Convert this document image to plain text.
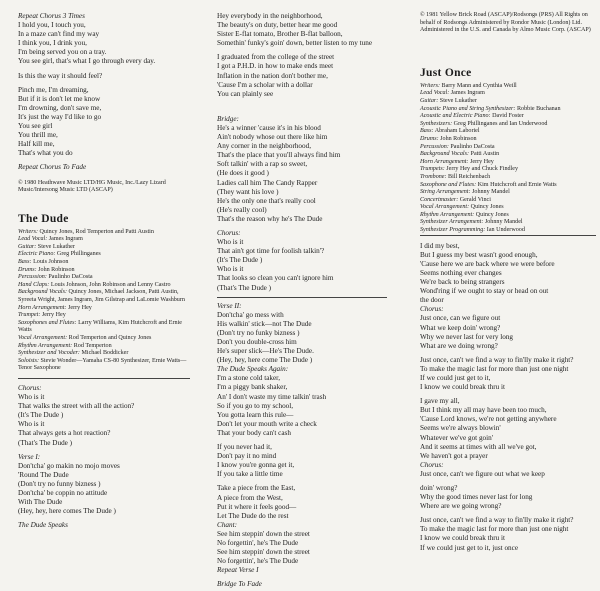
Repeat Chorus 3 Times
I hold you, I touch you,
In a maze can't find my way
I think you, I drink you,
I'm being served you on a tray.
You see girl, that's what I go through every day.

Is this the way it should feel?

Pinch me, I'm dreaming,
But if it is don't let me know
I'm drowning, don't save me,
It's just the way I'd like to go
You see girl
You thrill me,
Half kill me,
That's what you do

Repeat Chorus To Fade
© 1980 Heathwave Music LTD/HG Music, Inc./Lazy Lizard Music/Intersong Music LTD (ASCAP)
The Dude
Writers: Quincy Jones, Rod Temperton and Patti Austin
Lead Vocal: James Ingram
Guitar: Steve Lukather
Electric Piano: Greg Phillinganes
Bass: Louis Johnson
Drums: John Robinson
Percussion: Paulinho DaCosta
Hand Claps: Louis Johnson, John Robinson and Lenny Castro
Background Vocals: Quincy Jones, Michael Jackson, Patti Austin, Syreeta Wright, James Ingram, Jim Gilstrap and LaLomie Washburn
Horn Arrangement: Jerry Hey
Trumpet: Jerry Hey
Saxophones and Flutes: Larry Williams, Kim Hutchcroft and Ernie Watts
Vocal Arrangement: Rod Temperton and Quincy Jones
Rhythm Arrangement: Rod Temperton
Synthesizer and Vocoder: Michael Boddicker
Soloists: Stevie Wonder—Yamaha CS-80 Synthesizer, Ernie Watts—Tenor Saxophone
Chorus:
Who is it
That walks the street with all the action?
(It's The Dude )
Who is it
That always gets a hot reaction?
(That's The Dude )

Verse I:
Don'tcha' go makin no mojo moves
'Round The Dude
(Don't try no funny bizness )
Don'tcha' be coppin no attitude
With The Dude
(Hey, hey, here comes The Dude )

The Dude Speaks
Hey everybody in the neighborhood,
The beauty's on duty, better hear me good
Sister E-flat tomato, Brother B-flat balloon,
Somethin' funky's goin' down, better listen to my tune

I graduated from the college of the street
I got a P.H.D. in how to make ends meet
Inflation in the nation don't bother me,
'Cause I'm a scholar with a dollar
You can plainly see
Bridge:
He's a winner 'cause it's in his blood
Ain't nobody whose out there like him
Any corner in the neighborhood,
That's the place that you'll always find him
Soft talkin' with a rap so sweet,
(He does it good )
Ladies call him The Candy Rapper
(They want his love )
He's the only one that's really cool
(He's really cool)
That's the reason why he's The Dude

Chorus:
Who is it
That ain't got time for foolish talkin'?
(It's The Dude )
Who is it
That looks so clean you can't ignore him
(That's The Dude )
Verse II:
Don'tcha' go mess with
His walkin' stick—not The Dude
(Don't try no funky bizness )
Don't you double-cross him
He's super slick—He's The Dude.
(Hey, hey, here come The Dude )
The Dude Speaks Again:
I'm a stone cold taker,
I'm a piggy bank shaker,
An' I don't waste my time talkin' trash
So if you go to my school,
You gotta learn this rule—
Don't let your mouth write a check
That your body can't cash

If you never had it,
Don't pay it no mind
I know you're gonna get it,
If you take a little time

Take a piece from the East,
A piece from the West,
Put it where it feels good—
Let The Dude do the rest
Chant:
See him steppin' down the street
No forgettin', he's The Dude
See him steppin' down the street
No forgettin', he's The Dude
Repeat Verse I

Bridge To Fade
© 1981 Yellow Brick Road (ASCAP)/Rodsongs (PRS) All Rights on behalf of Rodsongs Administered by Rondor Music (London) Ltd. Administered in the U.S. and Canada by Almo Music Corp. (ASCAP)
Just Once
Writers: Barry Mann and Cynthia Weill
Lead Vocal: James Ingram
Guitar: Steve Lukather
Acoustic Piano and String Synthesizer: Robbie Buchanan
Acoustic and Electric Piano: David Foster
Synthesizers: Greg Phillinganes and Ian Underwood
Bass: Abraham Laboriel
Drums: John Robinson
Percussion: Paulinho DaCosta
Background Vocals: Patti Austin
Horn Arrangement: Jerry Hey
Trumpets: Jerry Hey and Chuck Findley
Trombone: Bill Reichenbach
Saxophone and Flutes: Kim Hutchcroft and Ernie Watts
String Arrangement: Johnny Mandel
Concertmaster: Gerald Vinci
Vocal Arrangement: Quincy Jones
Rhythm Arrangement: Quincy Jones
Synthesizer Arrangement: Johnny Mandel
Synthesizer Programming: Ian Underwood
I did my best,
But I guess my best wasn't good enough,
'Cause here we are back where we were before
Seems nothing ever changes
We're back to being strangers
Wond'ring if we ought to stay or head on out
the door
Chorus:
Just once, can we figure out
What we keep doin' wrong?
Why we never last for very long
What are we doing wrong?

Just once, can't we find a way to fin'lly make it right?
To make the magic last for more than just one night
If we could just get to it,
I know we could break thru it

I gave my all,
But I think my all may have been too much,
'Cause Lord knows, we're not getting anywhere
Seems we're always blowin'
Whatever we've got goin'
And it seems at times with all we've got,
We haven't got a prayer
Chorus:
Just once, can't we figure out what we keep

doin' wrong?
Why the good times never last for long
Where are we going wrong?

Just once, can't we find a way to fin'lly make it right?
To make the magic last for more than just one night
I know we could break thru it
If we could just get to it, just once
